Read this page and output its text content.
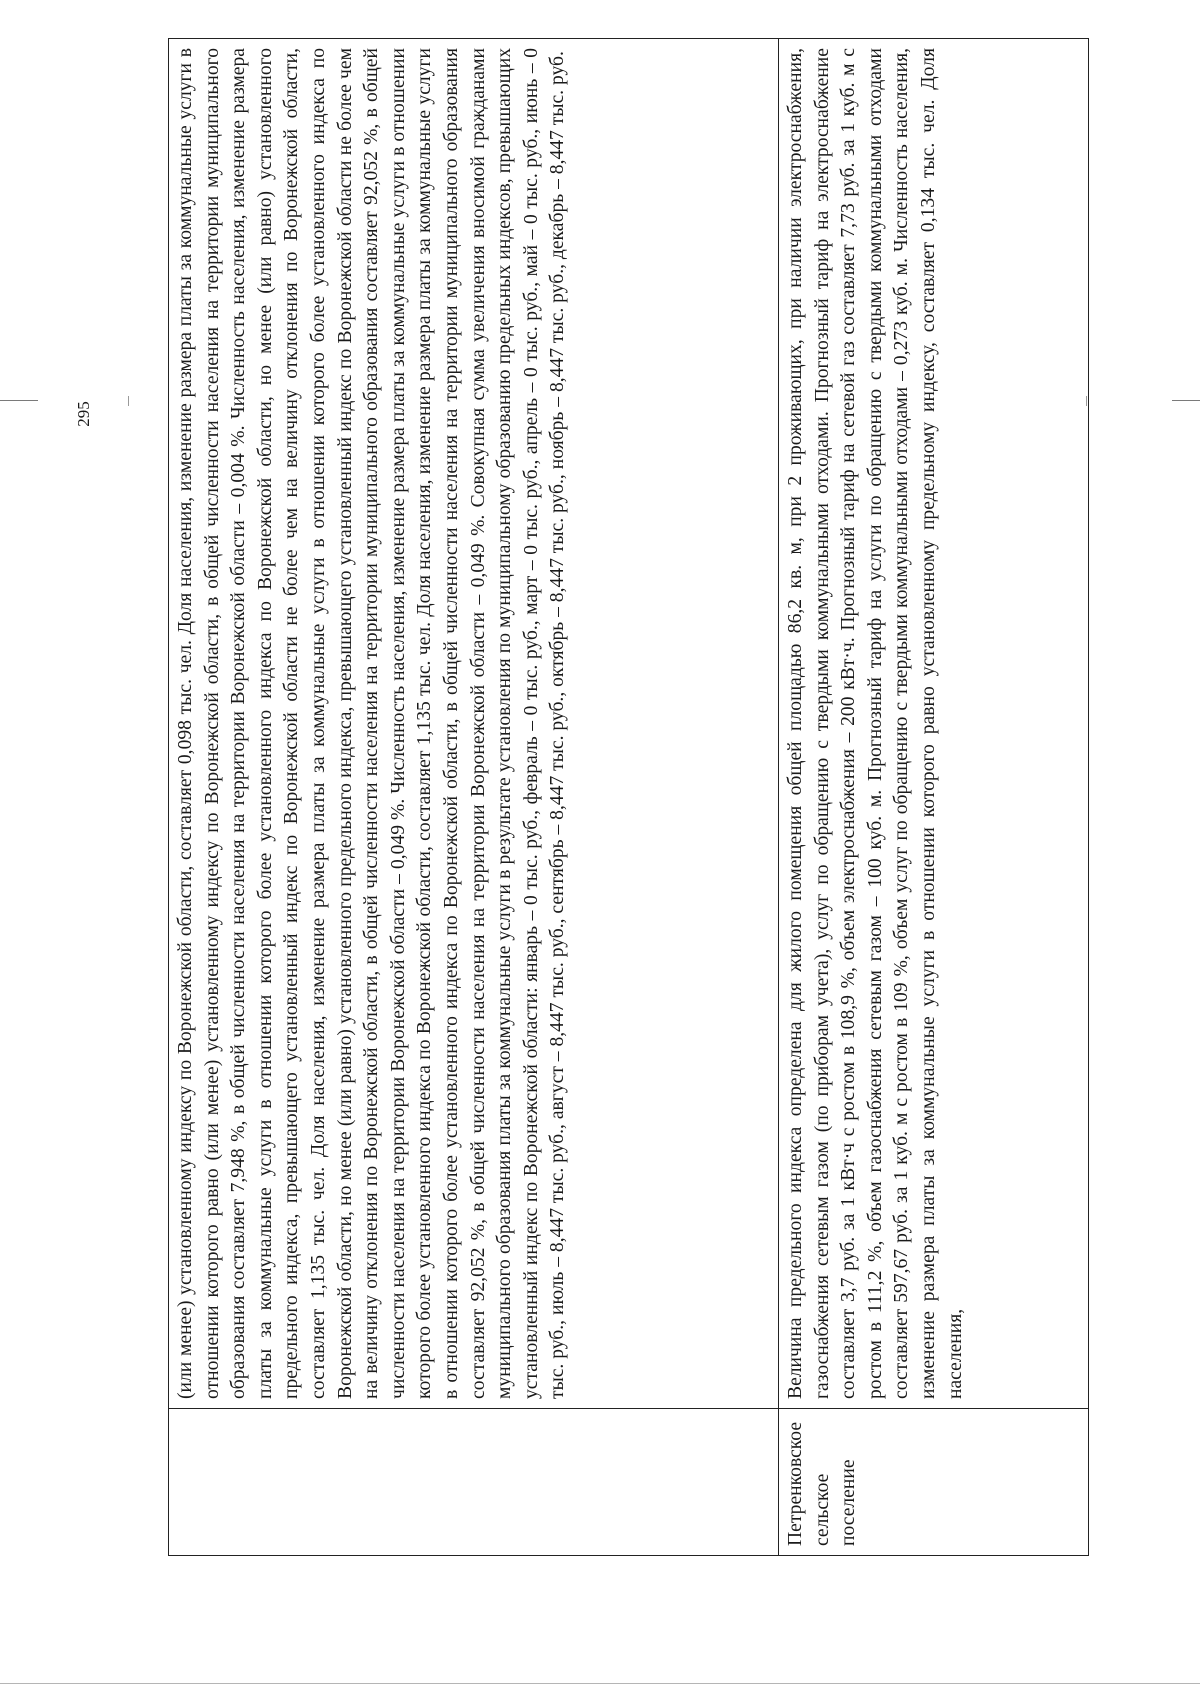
295
		(или менее) установленному индексу по Воронежской области, составляет 0,098 тыс. чел. Доля населения, изменение размера платы за коммунальные услуги в отношении которого равно (или менее) установленному индексу по Воронежской области, в общей численности населения на территории муниципального образования составляет 7,948 %, в общей численности населения на территории Воронежской области – 0,004 %. Численность населения, изменение размера платы за коммунальные услуги в отношении которого более установленного индекса по Воронежской области, но менее (или равно) установленного предельного индекса, превышающего установленный индекс по Воронежской области не более чем на величину отклонения по Воронежской области, составляет 1,135 тыс. чел. Доля населения, изменение размера платы за коммунальные услуги в отношении которого более установленного индекса по Воронежской области, но менее (или равно) установленного предельного индекса, превышающего установленный индекс по Воронежской области не более чем на величину отклонения по Воронежской области, в общей численности населения на территории муниципального образования составляет 92,052 %, в общей численности населения на территории Воронежской области – 0,049 %. Численность населения, изменение размера платы за коммунальные услуги в отношении которого более установленного индекса по Воронежской области, составляет 1,135 тыс. чел. Доля населения, изменение размера платы за коммунальные услуги в отношении которого более установленного индекса по Воронежской области, в общей численности населения на территории муниципального образования составляет 92,052 %, в общей численности населения на территории Воронежской области – 0,049 %. Совокупная сумма увеличения вносимой гражданами муниципального образования платы за коммунальные услуги в результате установления по муниципальному образованию предельных индексов, превышающих установленный индекс по Воронежской области: январь – 0 тыс. руб., февраль – 0 тыс. руб., март – 0 тыс. руб., апрель – 0 тыс. руб., май – 0 тыс. руб., июнь – 0 тыс. руб., июль – 8,447 тыс. руб., август – 8,447 тыс. руб., сентябрь – 8,447 тыс. руб., октябрь – 8,447 тыс. руб., ноябрь – 8,447 тыс. руб., декабрь – 8,447 тыс. руб.
Петренковское сельское поселение	Величина предельного индекса определена для жилого помещения общей площадью 86,2 кв. м, при 2 проживающих, при наличии электроснабжения, газоснабжения сетевым газом (по приборам учета), услуг по обращению с твердыми коммунальными отходами. Прогнозный тариф на электроснабжение составляет 3,7 руб. за 1 кВт·ч с ростом в 108,9 %, объем электроснабжения – 200 кВт·ч. Прогнозный тариф на сетевой газ составляет 7,73 руб. за 1 куб. м с ростом в 111,2 %, объем газоснабжения сетевым газом – 100 куб. м. Прогнозный тариф на услуги по обращению с твердыми коммунальными отходами составляет 597,67 руб. за 1 куб. м с ростом в 109 %, объем услуг по обращению с твердыми коммунальными отходами – 0,273 куб. м. Численность населения, изменение размера платы за коммунальные услуги в отношении которого равно установленному предельному индексу, составляет 0,134 тыс. чел. Доля населения,
